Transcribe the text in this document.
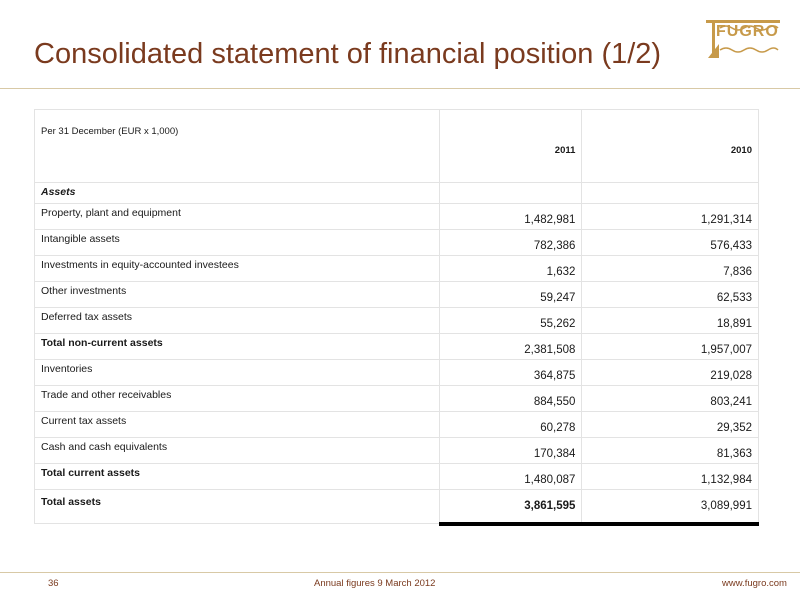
Consolidated statement of financial position (1/2)
FUGRO
Per 31 December (EUR x 1,000)	2011	2010
Assets		
Property, plant and equipment	1,482,981	1,291,314
Intangible assets	782,386	576,433
Investments in equity-accounted investees	1,632	7,836
Other investments	59,247	62,533
Deferred tax assets	55,262	18,891
Total non-current assets	2,381,508	1,957,007
Inventories	364,875	219,028
Trade and other receivables	884,550	803,241
Current tax assets	60,278	29,352
Cash and cash equivalents	170,384	81,363
Total current assets	1,480,087	1,132,984
Total assets	3,861,595	3,089,991
36	Annual figures 9 March 2012	www.fugro.com
